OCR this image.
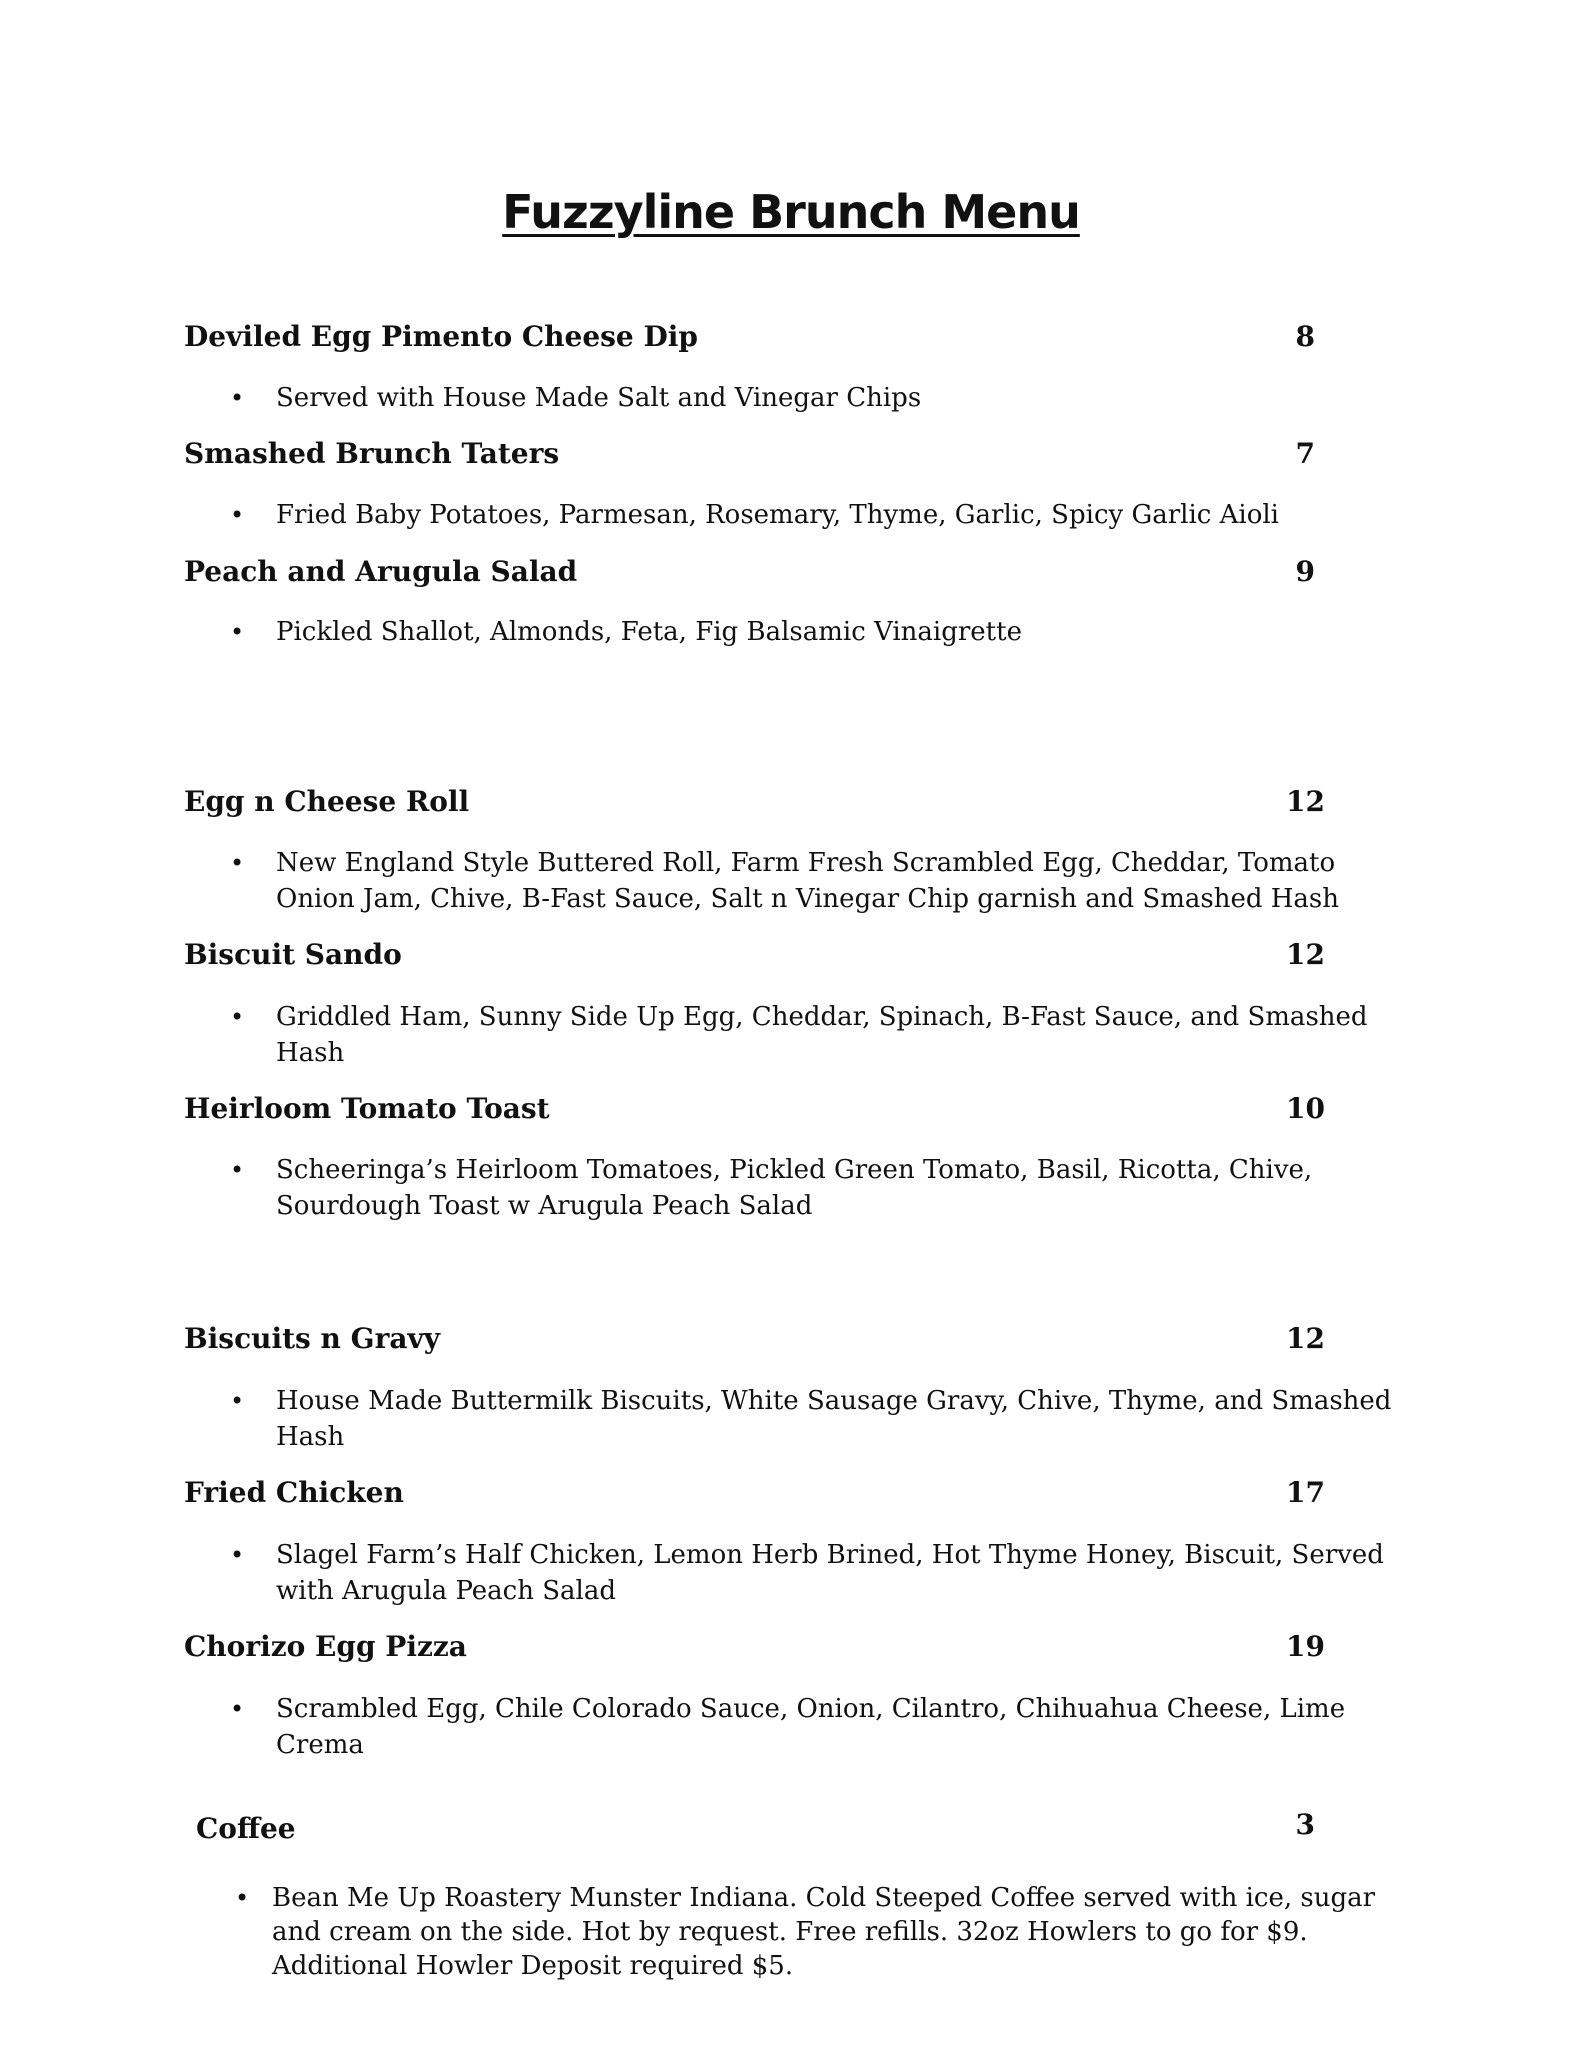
Fuzzyline Brunch Menu
Deviled Egg Pimento Cheese Dip	8
• Served with House Made Salt and Vinegar Chips
Smashed Brunch Taters	7
• Fried Baby Potatoes, Parmesan, Rosemary, Thyme, Garlic, Spicy Garlic Aioli
Peach and Arugula Salad	9
• Pickled Shallot, Almonds, Feta, Fig Balsamic Vinaigrette
Egg n Cheese Roll	12
• New England Style Buttered Roll, Farm Fresh Scrambled Egg, Cheddar, Tomato
Onion Jam, Chive, B-Fast Sauce, Salt n Vinegar Chip garnish and Smashed Hash
Biscuit Sando	12
• Griddled Ham, Sunny Side Up Egg, Cheddar, Spinach, B-Fast Sauce, and Smashed
Hash
Heirloom Tomato Toast	10
• Scheeringa’s Heirloom Tomatoes, Pickled Green Tomato, Basil, Ricotta, Chive,
Sourdough Toast w Arugula Peach Salad
Biscuits n Gravy	12
• House Made Buttermilk Biscuits, White Sausage Gravy, Chive, Thyme, and Smashed
Hash
Fried Chicken	17
• Slagel Farm’s Half Chicken, Lemon Herb Brined, Hot Thyme Honey, Biscuit, Served
with Arugula Peach Salad
Chorizo Egg Pizza	19
• Scrambled Egg, Chile Colorado Sauce, Onion, Cilantro, Chihuahua Cheese, Lime
Crema
Coffee	3
• Bean Me Up Roastery Munster Indiana. Cold Steeped Coffee served with ice, sugar
and cream on the side. Hot by request. Free refills. 32oz Howlers to go for $9.
Additional Howler Deposit required $5.
